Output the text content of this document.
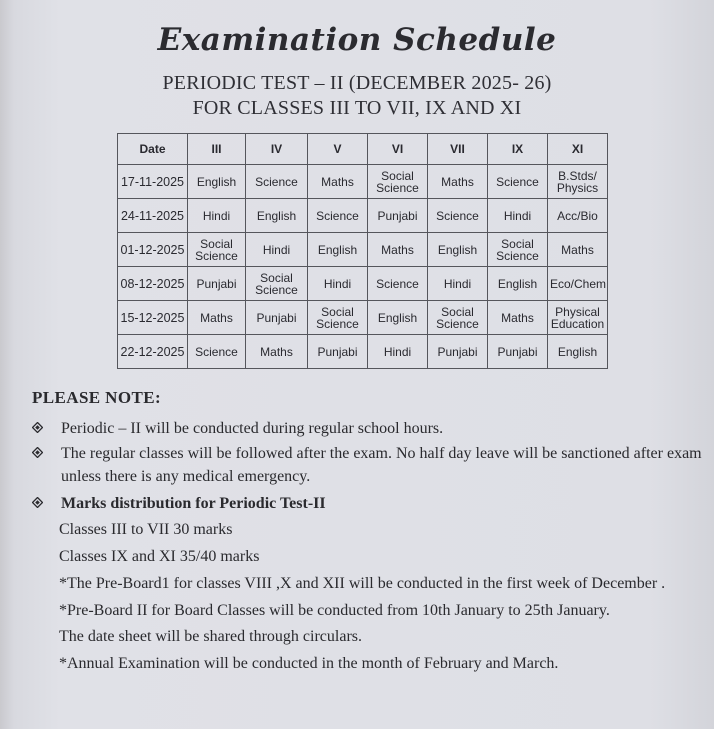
Examination Schedule
PERIODIC TEST – II (DECEMBER 2025- 26)
FOR CLASSES III TO VII, IX AND XI
Date	III	IV	V	VI	VII	IX	XI
17-11-2025	English	Science	Maths	Social Science	Maths	Science	B.Stds/ Physics
24-11-2025	Hindi	English	Science	Punjabi	Science	Hindi	Acc/Bio
01-12-2025	Social Science	Hindi	English	Maths	English	Social Science	Maths
08-12-2025	Punjabi	Social Science	Hindi	Science	Hindi	English	Eco/Chem
15-12-2025	Maths	Punjabi	Social Science	English	Social Science	Maths	Physical Education
22-12-2025	Science	Maths	Punjabi	Hindi	Punjabi	Punjabi	English
PLEASE NOTE:
Periodic – II will be conducted during regular school hours.
The regular classes will be followed after the exam. No half day leave will be sanctioned after exam unless there is any medical emergency.
Marks distribution for Periodic Test-II
Classes III to VII 30 marks
Classes IX and XI 35/40 marks
*The Pre-Board1 for classes VIII ,X and XII will be conducted in the first week of December .
*Pre-Board II for Board Classes will be conducted from 10th January to 25th January.
The date sheet will be shared through circulars.
*Annual Examination will be conducted in the month of February and March.
